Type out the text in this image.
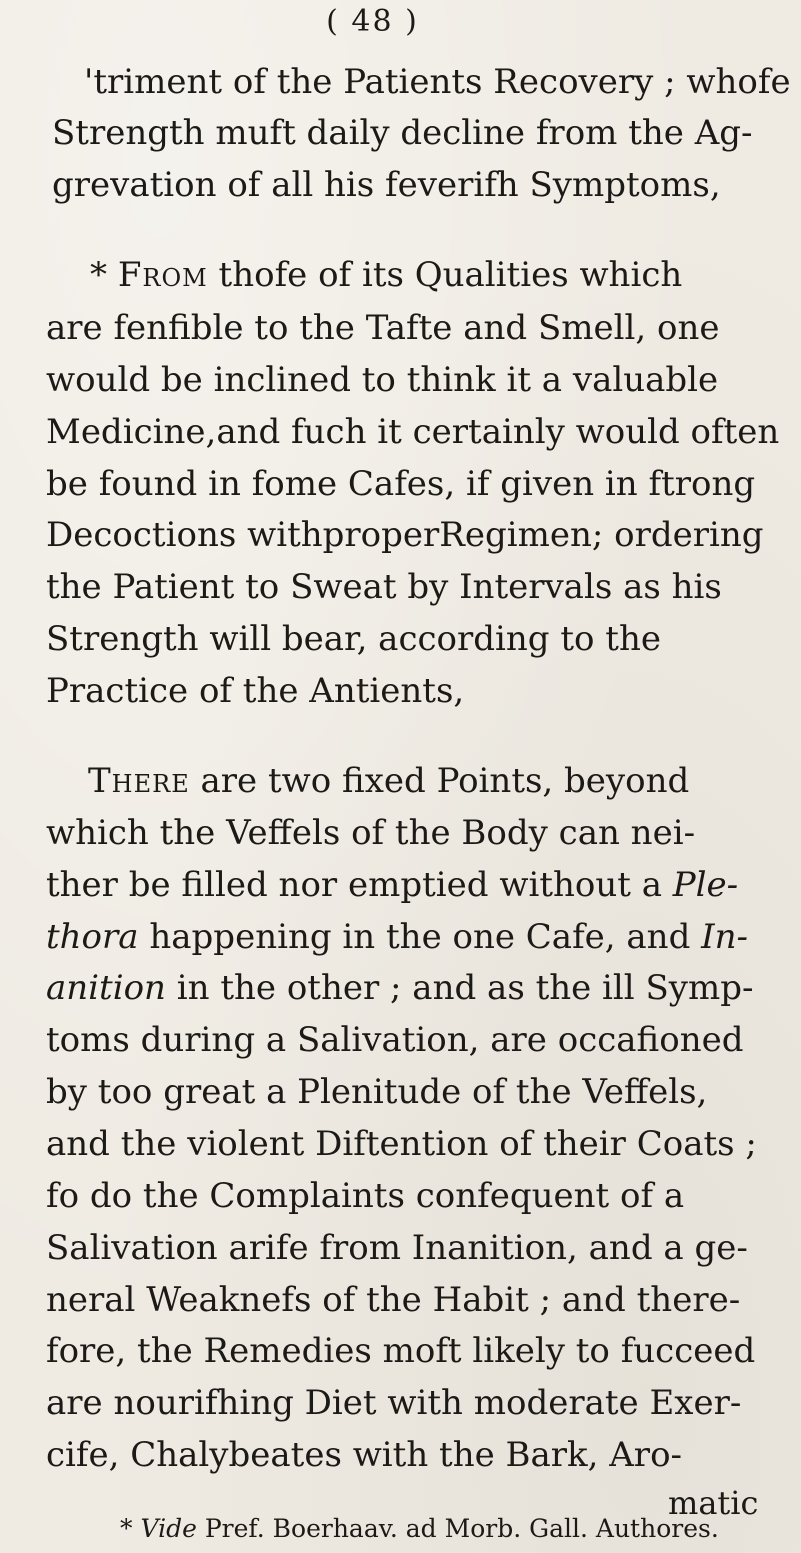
( 48 )
'triment of the Patients Recovery ; whofe
Strength muft daily decline from the Ag-
grevation of all his feverifh Symptoms,
* From thofe of its Qualities which
are fenfible to the Tafte and Smell, one
would be inclined to think it a valuable
Medicine,and fuch it certainly would often
be found in fome Cafes, if given in ftrong
Decoctions withproperRegimen; ordering
the Patient to Sweat by Intervals as his
Strength will bear, according to the
Practice of the Antients,
There are two fixed Points, beyond
which the Veffels of the Body can nei-
ther be filled nor emptied without a Ple-
thora happening in the one Cafe, and In-
anition in the other ; and as the ill Symp-
toms during a Salivation, are occafioned
by too great a Plenitude of the Veffels,
and the violent Diftention of their Coats ;
fo do the Complaints confequent of a
Salivation arife from Inanition, and a ge-
neral Weaknefs of the Habit ; and there-
fore, the Remedies moft likely to fucceed
are nourifhing Diet with moderate Exer-
cife, Chalybeates with the Bark, Aro-
matic
* Vide Pref. Boerhaav. ad Morb. Gall. Authores.
